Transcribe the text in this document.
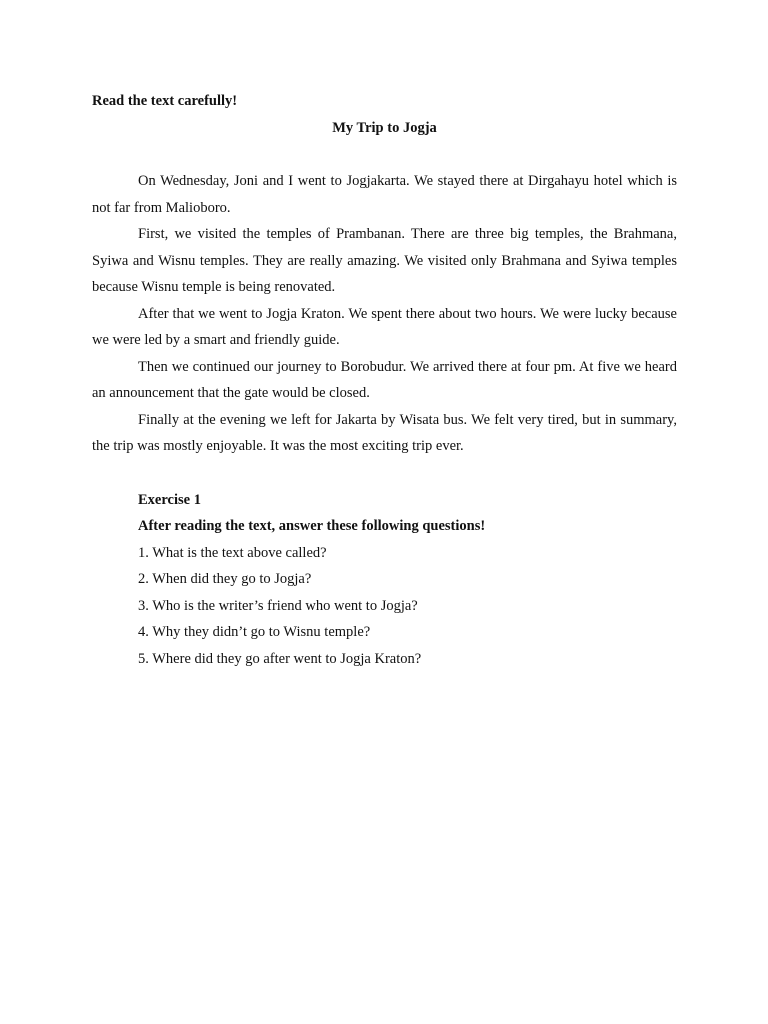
Read the text carefully!

My Trip to Jogja

On Wednesday, Joni and I went to Jogjakarta. We stayed there at Dirgahayu hotel which is not far from Malioboro.

First, we visited the temples of Prambanan. There are three big temples, the Brahmana, Syiwa and Wisnu temples. They are really amazing. We visited only Brahmana and Syiwa temples because Wisnu temple is being renovated.

After that we went to Jogja Kraton. We spent there about two hours. We were lucky because we were led by a smart and friendly guide.

Then we continued our journey to Borobudur. We arrived there at four pm. At five we heard an announcement that the gate would be closed.

Finally at the evening we left for Jakarta by Wisata bus. We felt very tired, but in summary, the trip was mostly enjoyable. It was the most exciting trip ever.

Exercise 1

After reading the text, answer these following questions!

1. What is the text above called?
2. When did they go to Jogja?
3. Who is the writer’s friend who went to Jogja?
4. Why they didn’t go to Wisnu temple?
5. Where did they go after went to Jogja Kraton?
